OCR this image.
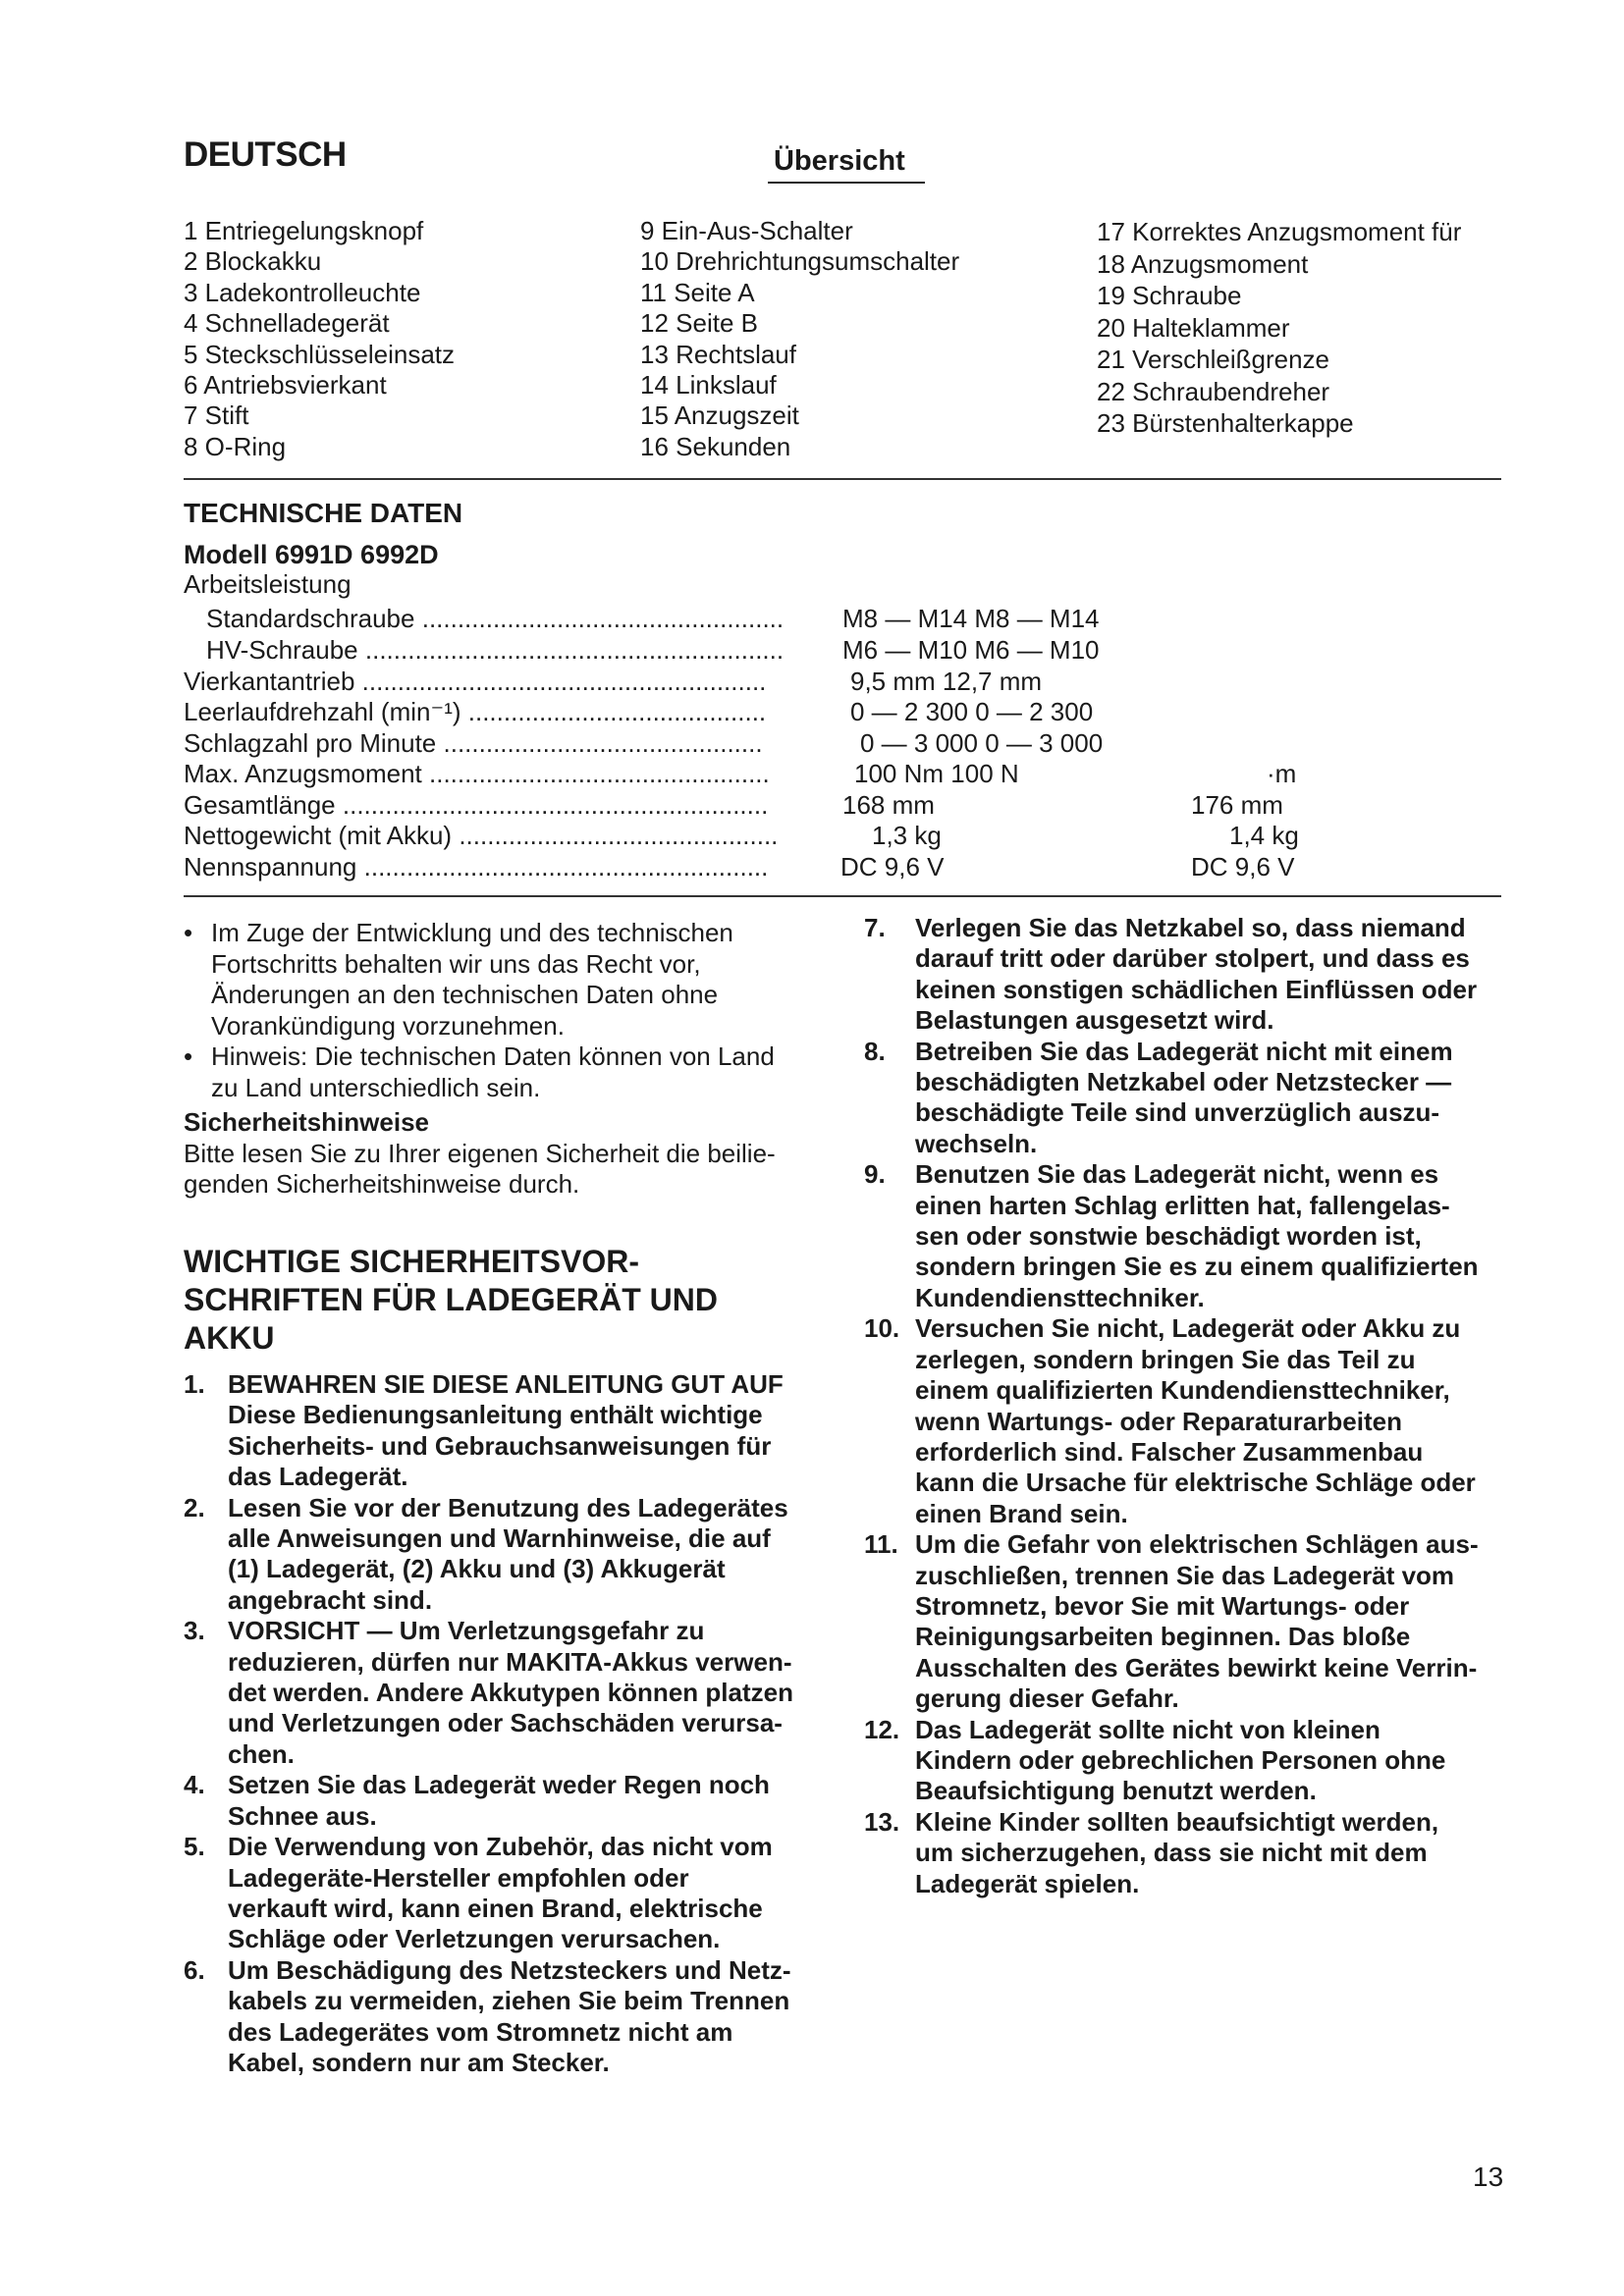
DEUTSCH	Übersicht
1 Entriegelungsknopf
2 Blockakku
3 Ladekontrolleuchte
4 Schnelladegerät
5 Steckschlüsseleinsatz
6 Antriebsvierkant
7 Stift
8 O-Ring
9 Ein-Aus-Schalter
10 Drehrichtungsumschalter
11 Seite A
12 Seite B
13 Rechtslauf
14 Linkslauf
15 Anzugszeit
16 Sekunden
17 Korrektes Anzugsmoment für
18 Anzugsmoment
19 Schraube
20 Halteklammer
21 Verschleißgrenze
22 Schraubendreher
23 Bürstenhalterkappe
TECHNISCHE DATEN
Modell 6991D 6992D
Arbeitsleistung
Standardschraube ................................................... M8 — M14 M8 — M14
HV-Schraube ........................................................... M6 — M10 M6 — M10
Vierkantantrieb .........................................................	9,5 mm 12,7 mm
Leerlaufdrehzahl (min⁻¹) ..........................................	0 — 2 300 0 — 2 300
Schlagzahl pro Minute .............................................	0 — 3 000 0 — 3 000
Max. Anzugsmoment ................................................	100 Nm 100 N	·m
Gesamtlänge ............................................................	168 mm	176 mm
Nettogewicht (mit Akku) .............................................	1,3 kg	1,4 kg
Nennspannung .........................................................	DC 9,6 V	DC 9,6 V
• Im Zuge der Entwicklung und des technischen
Fortschritts behalten wir uns das Recht vor,
Änderungen an den technischen Daten ohne
Vorankündigung vorzunehmen.
• Hinweis: Die technischen Daten können von Land
zu Land unterschiedlich sein.
Sicherheitshinweise
Bitte lesen Sie zu Ihrer eigenen Sicherheit die beilie-
genden Sicherheitshinweise durch.
WICHTIGE SICHERHEITSVOR-
SCHRIFTEN FÜR LADEGERÄT UND
AKKU
1. BEWAHREN SIE DIESE ANLEITUNG GUT AUF
Diese Bedienungsanleitung enthält wichtige
Sicherheits- und Gebrauchsanweisungen für
das Ladegerät.
2. Lesen Sie vor der Benutzung des Ladegerätes
alle Anweisungen und Warnhinweise, die auf
(1) Ladegerät, (2) Akku und (3) Akkugerät
angebracht sind.
3. VORSICHT — Um Verletzungsgefahr zu
reduzieren, dürfen nur MAKITA-Akkus verwen-
det werden. Andere Akkutypen können platzen
und Verletzungen oder Sachschäden verursa-
chen.
4. Setzen Sie das Ladegerät weder Regen noch
Schnee aus.
5. Die Verwendung von Zubehör, das nicht vom
Ladegeräte-Hersteller empfohlen oder
verkauft wird, kann einen Brand, elektrische
Schläge oder Verletzungen verursachen.
6. Um Beschädigung des Netzsteckers und Netz-
kabels zu vermeiden, ziehen Sie beim Trennen
des Ladegerätes vom Stromnetz nicht am
Kabel, sondern nur am Stecker.
7. Verlegen Sie das Netzkabel so, dass niemand
darauf tritt oder darüber stolpert, und dass es
keinen sonstigen schädlichen Einflüssen oder
Belastungen ausgesetzt wird.
8. Betreiben Sie das Ladegerät nicht mit einem
beschädigten Netzkabel oder Netzstecker —
beschädigte Teile sind unverzüglich auszu-
wechseln.
9. Benutzen Sie das Ladegerät nicht, wenn es
einen harten Schlag erlitten hat, fallengelas-
sen oder sonstwie beschädigt worden ist,
sondern bringen Sie es zu einem qualifizierten
Kundendiensttechniker.
10. Versuchen Sie nicht, Ladegerät oder Akku zu
zerlegen, sondern bringen Sie das Teil zu
einem qualifizierten Kundendiensttechniker,
wenn Wartungs- oder Reparaturarbeiten
erforderlich sind. Falscher Zusammenbau
kann die Ursache für elektrische Schläge oder
einen Brand sein.
11. Um die Gefahr von elektrischen Schlägen aus-
zuschließen, trennen Sie das Ladegerät vom
Stromnetz, bevor Sie mit Wartungs- oder
Reinigungsarbeiten beginnen. Das bloße
Ausschalten des Gerätes bewirkt keine Verrin-
gerung dieser Gefahr.
12. Das Ladegerät sollte nicht von kleinen
Kindern oder gebrechlichen Personen ohne
Beaufsichtigung benutzt werden.
13. Kleine Kinder sollten beaufsichtigt werden,
um sicherzugehen, dass sie nicht mit dem
Ladegerät spielen.
13
